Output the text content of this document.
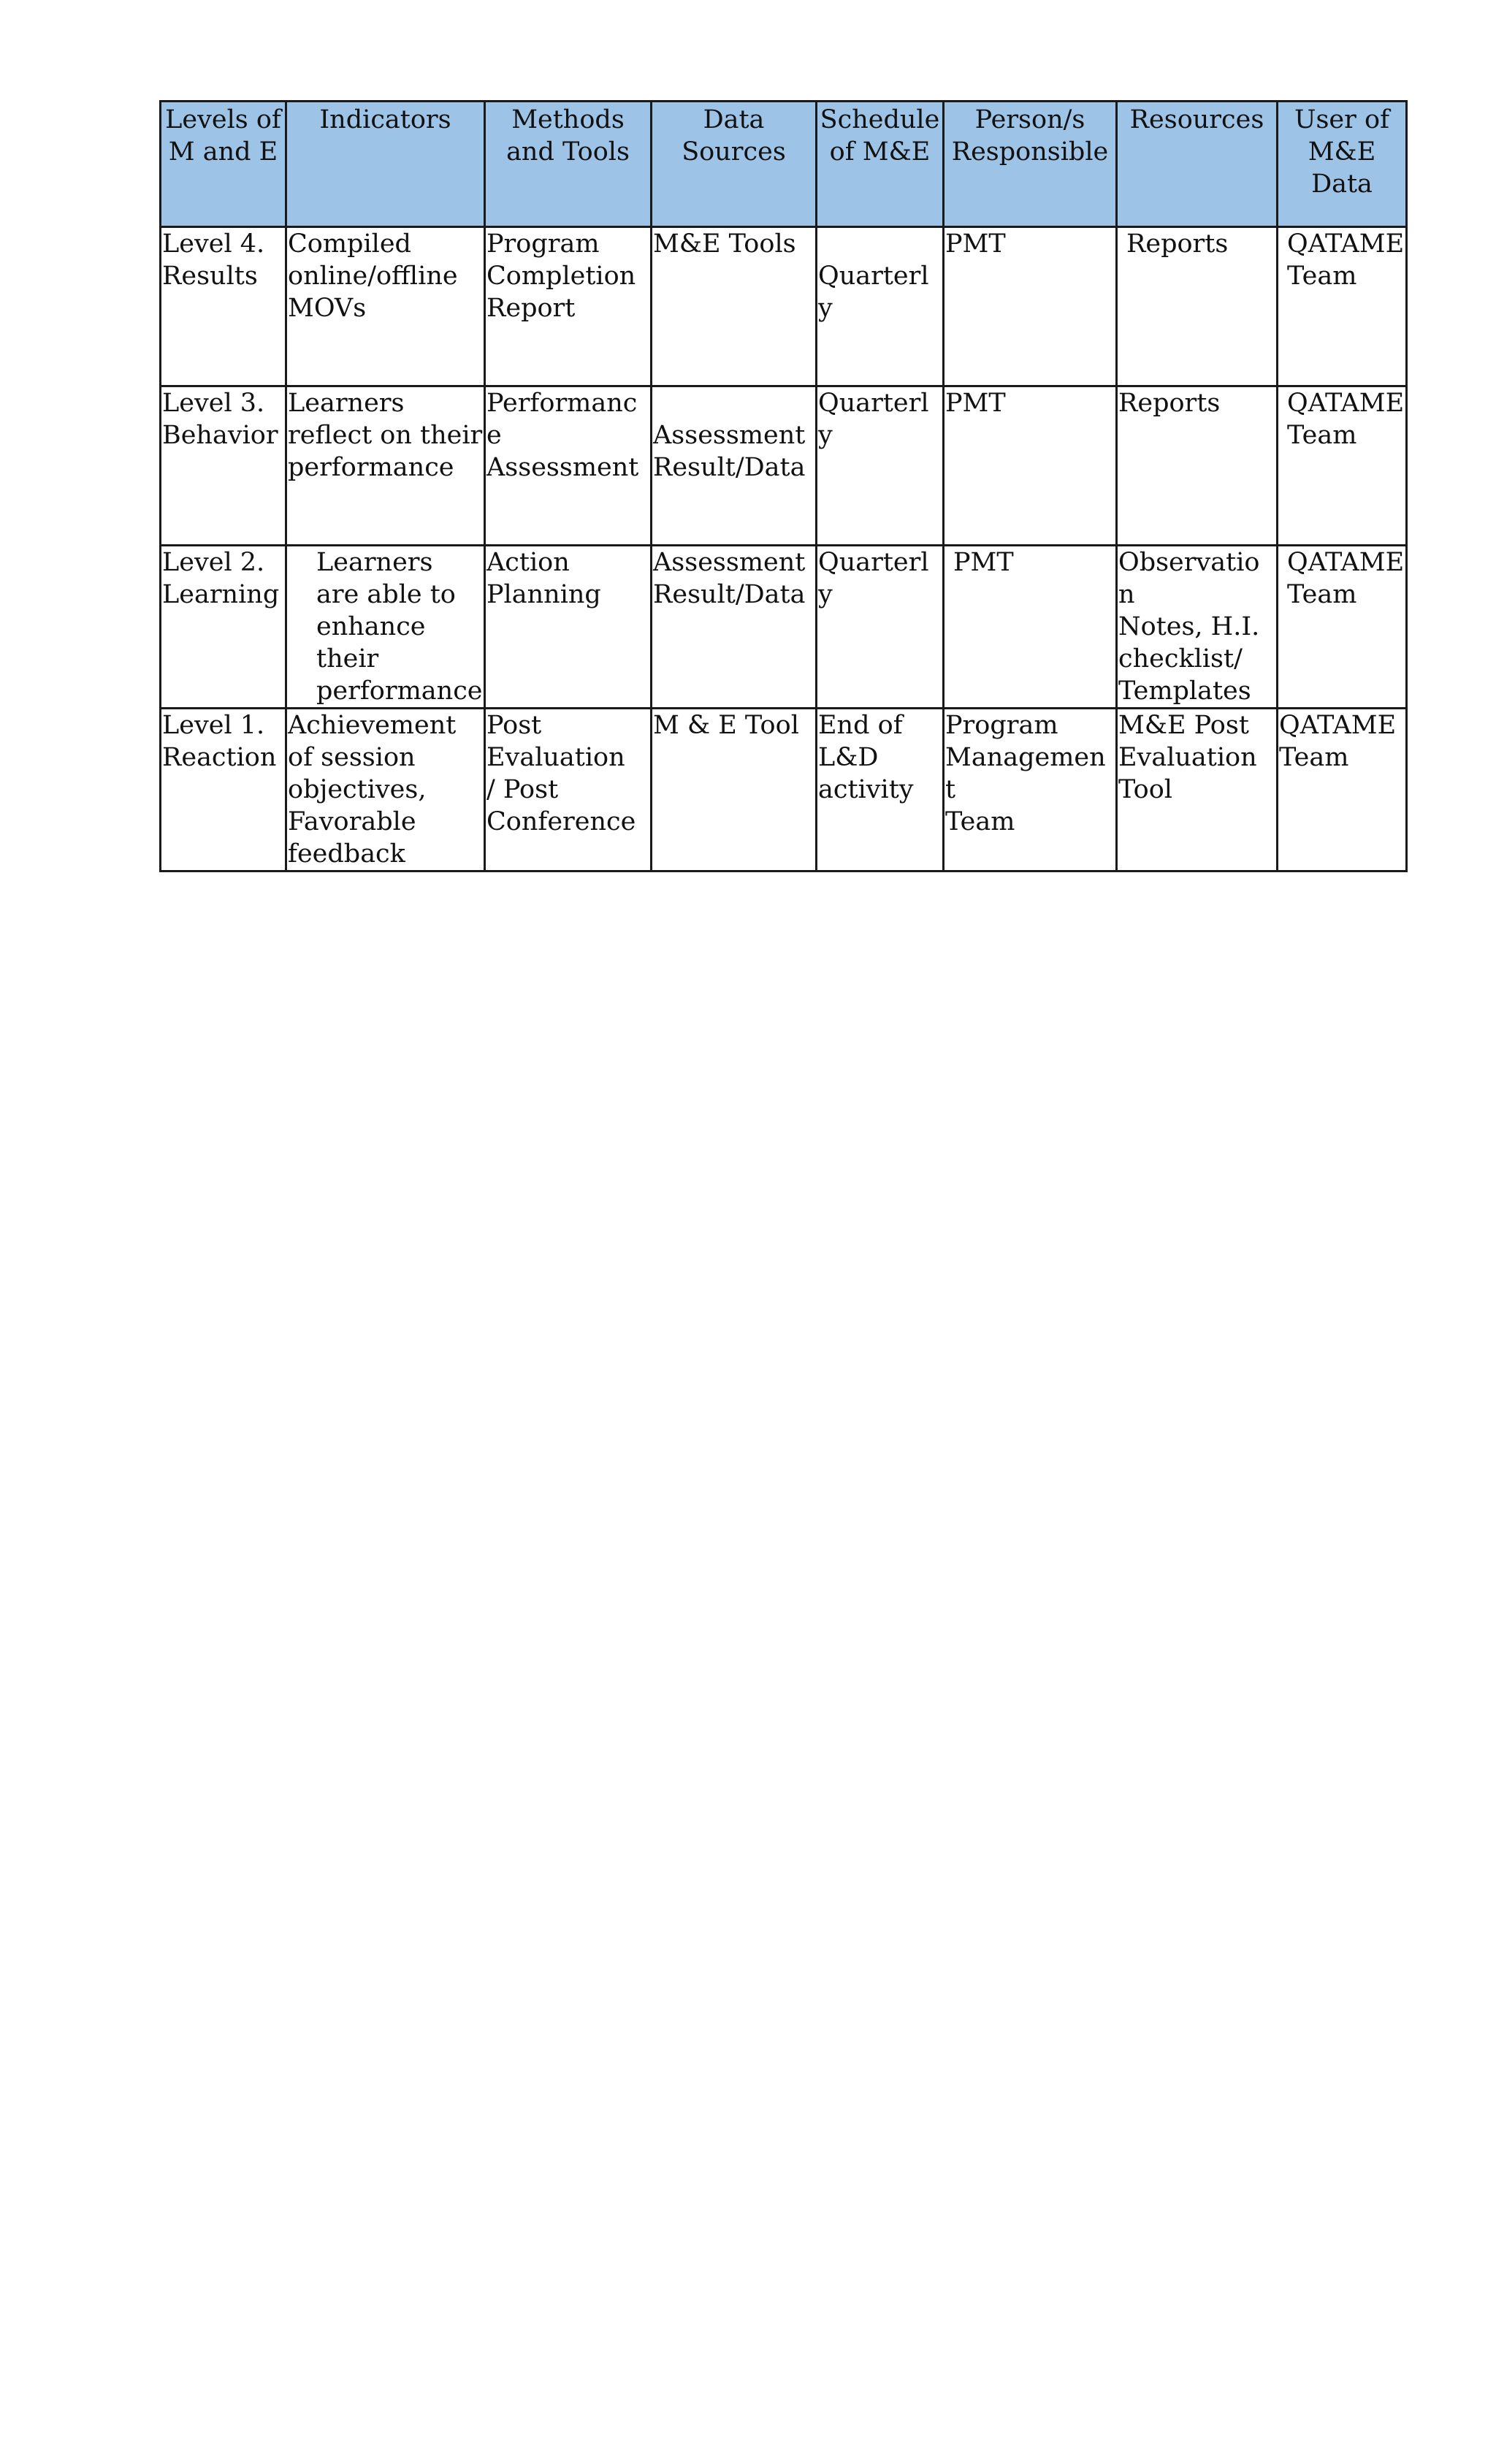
Levels of M and E	Indicators	Methods and Tools	Data Sources	Schedule of M&E	Person/s Responsible	Resources	User of M&E Data
Level 4.
Results	Compiled
online/offline
MOVs	Program
Completion
Report	M&E Tools	Quarterly	PMT	Reports	QATAME
Team
Level 3.
Behavior	Learners
reflect on their
performance	Performance
Assessment	Assessment
Result/Data	Quarterly	PMT	Reports	QATAME
Team
Level 2.
Learning	Learners
are able to
enhance
their
performance	Action
Planning	Assessment
Result/Data	Quarterly	PMT	Observation
Notes, H.I.
checklist/
Templates	QATAME
Team
Level 1.
Reaction	Achievement
of session
objectives,
Favorable
feedback	Post
Evaluation
/ Post
Conference	M & E Tool	End of
L&D
activity	Program
Management
Team	M&E Post
Evaluation
Tool	QATAME
Team
